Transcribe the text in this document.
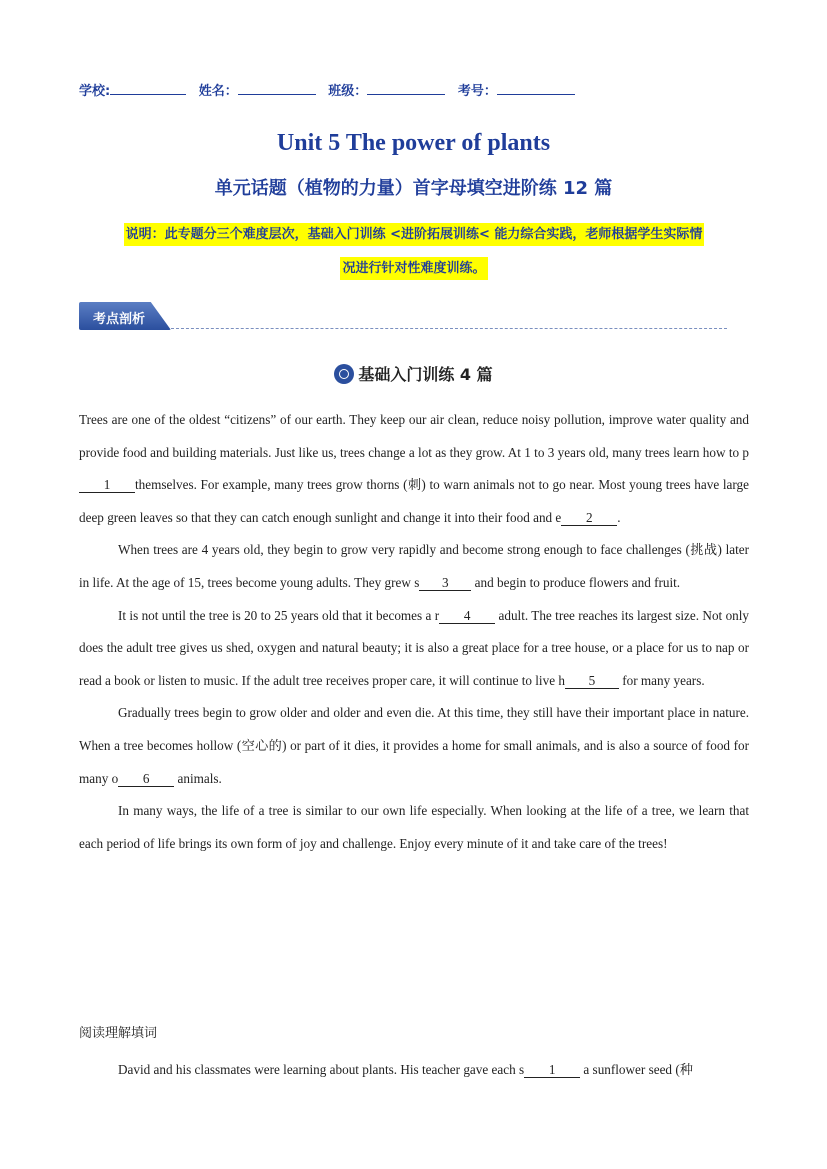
学校:	姓名：	班级：	考号：
Unit 5 The power of plants
单元话题（植物的力量）首字母填空进阶练 12 篇
说明：此专题分三个难度层次，基础入门训练 <进阶拓展训练< 能力综合实践，老师根据学生实际情
况进行针对性难度训练。
考点剖析
基础入门训练 4 篇

Trees are one of the oldest “citizens” of our earth. They keep our air clean, reduce noisy pollution, improve water quality and provide food and building materials. Just like us, trees change a lot as they grow. At 1 to 3 years old, many trees learn how to p1 themselves. For example, many trees grow thorns (刺) to warn animals not to go near. Most young trees have large deep green leaves so that they can catch enough sunlight and change it into their food and e 2 .

When trees are 4 years old, they begin to grow very rapidly and become strong enough to face challenges (挑战) later in life. At the age of 15, trees become young adults. They grew s 3 and begin to produce flowers and fruit.

It is not until the tree is 20 to 25 years old that it becomes a r 4 adult. The tree reaches its largest size. Not only does the adult tree gives us shed, oxygen and natural beauty; it is also a great place for a tree house, or a place for us to nap or read a book or listen to music. If the adult tree receives proper care, it will continue to live h 5 for many years.

Gradually trees begin to grow older and older and even die. At this time, they still have their important place in nature. When a tree becomes hollow (空心的) or part of it dies, it provides a home for small animals, and is also a source of food for many o 6 animals.

In many ways, the life of a tree is similar to our own life especially. When looking at the life of a tree, we learn that each period of life brings its own form of joy and challenge. Enjoy every minute of it and take care of the trees!

阅读理解填词

David and his classmates were learning about plants. His teacher gave each s 1 a sunflower seed (种
